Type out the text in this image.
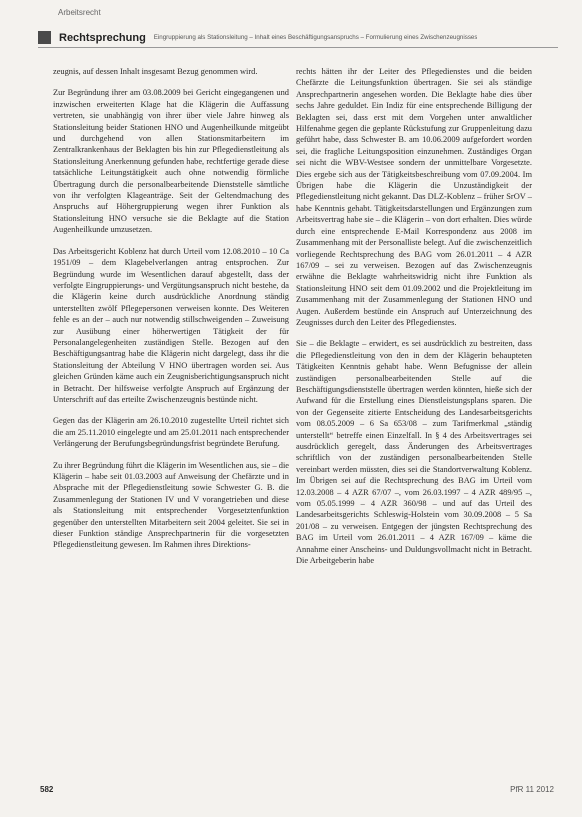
Arbeitsrecht
Rechtsprechung Eingruppierung als Stationsleitung – Inhalt eines Beschäftigungsanspruchs – Formulierung eines Zwischenzeugnisses

zeugnis, auf dessen Inhalt insgesamt Bezug genommen wird.

Zur Begründung ihrer am 03.08.2009 bei Gericht eingegangenen und inzwischen erweiterten Klage hat die Klägerin die Auffassung vertreten, sie unabhängig von ihrer über viele Jahre hinweg als Stationsleitung beider Stationen HNO und Augenheilkunde mitgeübt und durchgehend von allen Stationsmitarbeitern im Zentralkrankenhaus der Beklagten bis hin zur Pflegedienstleitung als Stationsleitung Anerkennung gefunden habe, rechtfertige gerade diese tatsächliche Leitungstätigkeit auch ohne notwendig förmliche Übertragung durch die personalbearbeitende Dienststelle sämtliche von ihr verfolgten Klageanträge. Seit der Geltendmachung des Anspruchs auf Höhergruppierung wegen ihrer Funktion als Stationsleitung HNO versuche sie die Beklagte auf die Station Augenheilkunde umzusetzen.

Das Arbeitsgericht Koblenz hat durch Urteil vom 12.08.2010 – 10 Ca 1951/09 – dem Klagebelverlangen antrag entsprochen. Zur Begründung wurde im Wesentlichen darauf abgestellt, dass der verfolgte Eingruppierungs- und Vergütungsanspruch nicht bestehe, da die Klägerin keine durch ausdrückliche Anordnung ständig unterstellten zwölf Pflegepersonen verweisen konnte. Des Weiteren fehle es an der – auch nur notwendig stillschweigenden – Zuweisung zur Ausübung einer höherwertigen Tätigkeit der für Personalangelegenheiten zuständigen Stelle. Bezogen auf den Beschäftigungsantrag habe die Klägerin nicht dargelegt, dass ihr die Stationsleitung der Abteilung V HNO übertragen worden sei. Aus gleichen Gründen käme auch ein Zeugnisberichtigungsanspruch nicht in Betracht. Der hilfsweise verfolgte Anspruch auf Ergänzung der Unterschrift auf das erteilte Zwischenzeugnis bestünde nicht.

Gegen das der Klägerin am 26.10.2010 zugestellte Urteil richtet sich die am 25.11.2010 eingelegte und am 25.01.2011 nach entsprechender Verlängerung der Berufungsbegründungsfrist begründete Berufung.

Zu ihrer Begründung führt die Klägerin im Wesentlichen aus, sie – die Klägerin – habe seit 01.03.2003 auf Anweisung der Chefärzte und in Absprache mit der Pflegedienstleitung sowie Schwester G. B. die Zusammenlegung der Stationen IV und V vorangetrieben und diese als Stationsleitung mit entsprechender Vorgesetztenfunktion gegenüber den unterstellten Mitarbeitern seit 2004 geleitet. Sie sei in dieser Funktion ständige Ansprechpartnerin für die vorgesetzten Pflegedienstleitung gewesen. Im Rahmen ihres Direktions-

rechts hätten ihr der Leiter des Pflegedienstes und die beiden Chefärzte die Leitungsfunktion übertragen. Sie sei als ständige Ansprechpartnerin angesehen worden. Die Beklagte habe dies über sechs Jahre geduldet. Ein Indiz für eine entsprechende Billigung der Beklagten sei, dass erst mit dem Vorgehen unter anwaltlicher Hilfenahme gegen die geplante Rückstufung zur Gruppenleitung dazu geführt habe, dass Schwester B. am 10.06.2009 aufgefordert worden sei, die fragliche Leitungsposition einzunehmen. Zuständiges Organ sei nicht die WBV-Westsee sondern der unmittelbare Vorgesetzte. Dies ergebe sich aus der Tätigkeitsbeschreibung vom 07.09.2004. Im Übrigen habe die Klägerin die Unzuständigkeit der Pflegedienstleitung nicht gekannt. Das DLZ-Koblenz – früher SrOV – habe Kenntnis gehabt. Tätigkeitsdarstellungen und Ergänzungen zum Arbeitsvertrag habe sie – die Klägerin – von dort erhalten. Dies würde durch eine entsprechende E-Mail Korrespondenz aus 2008 im Zusammenhang mit der Personalliste belegt. Auf die zwischenzeitlich vorliegende Rechtsprechung des BAG vom 26.01.2011 – 4 AZR 167/09 – sei zu verweisen. Bezogen auf das Zwischenzeugnis erwähne die Beklagte wahrheitswidrig nicht ihre Funktion als Stationsleitung HNO seit dem 01.09.2002 und die Projektleitung im Zusammenhang mit der Zusammenlegung der Stationen HNO und Augen. Außerdem bestünde ein Anspruch auf Unterzeichnung des Zeugnisses durch den Leiter des Pflegedienstes.

Sie – die Beklagte – erwidert, es sei ausdrücklich zu bestreiten, dass die Pflegedienstleitung von den in dem der Klägerin behaupteten Tätigkeiten Kenntnis gehabt habe. Wenn Befugnisse der allein zuständigen personalbearbeitenden Stelle auf die Beschäftigungsdienststelle übertragen werden könnten, hieße sich der Aufwand für die Erstellung eines Dienstleistungsplans sparen. Die von der Gegenseite zitierte Entscheidung des Landesarbeitsgerichts vom 08.05.2009 – 6 Sa 653/08 – zum Tarifmerkmal „ständig unterstellt“ betreffe einen Einzelfall. In § 4 des Arbeitsvertrages sei ausdrücklich geregelt, dass Änderungen des Arbeitsvertrages schriftlich von der zuständigen personalbearbeitenden Stelle vereinbart werden müssten, dies sei die Standortverwaltung Koblenz. Im Übrigen sei auf die Rechtsprechung des BAG im Urteil vom 12.03.2008 – 4 AZR 67/07 –, vom 26.03.1997 – 4 AZR 489/95 –, vom 05.05.1999 – 4 AZR 360/98 – und auf das Urteil des Landesarbeitsgerichts Schleswig-Holstein vom 30.09.2008 – 5 Sa 201/08 – zu verweisen. Entgegen der jüngsten Rechtsprechung des BAG im Urteil vom 26.01.2011 – 4 AZR 167/09 – käme die Annahme einer Anscheins- und Duldungsvollmacht nicht in Betracht. Die Arbeitgeberin habe

582	PfR 11 2012
